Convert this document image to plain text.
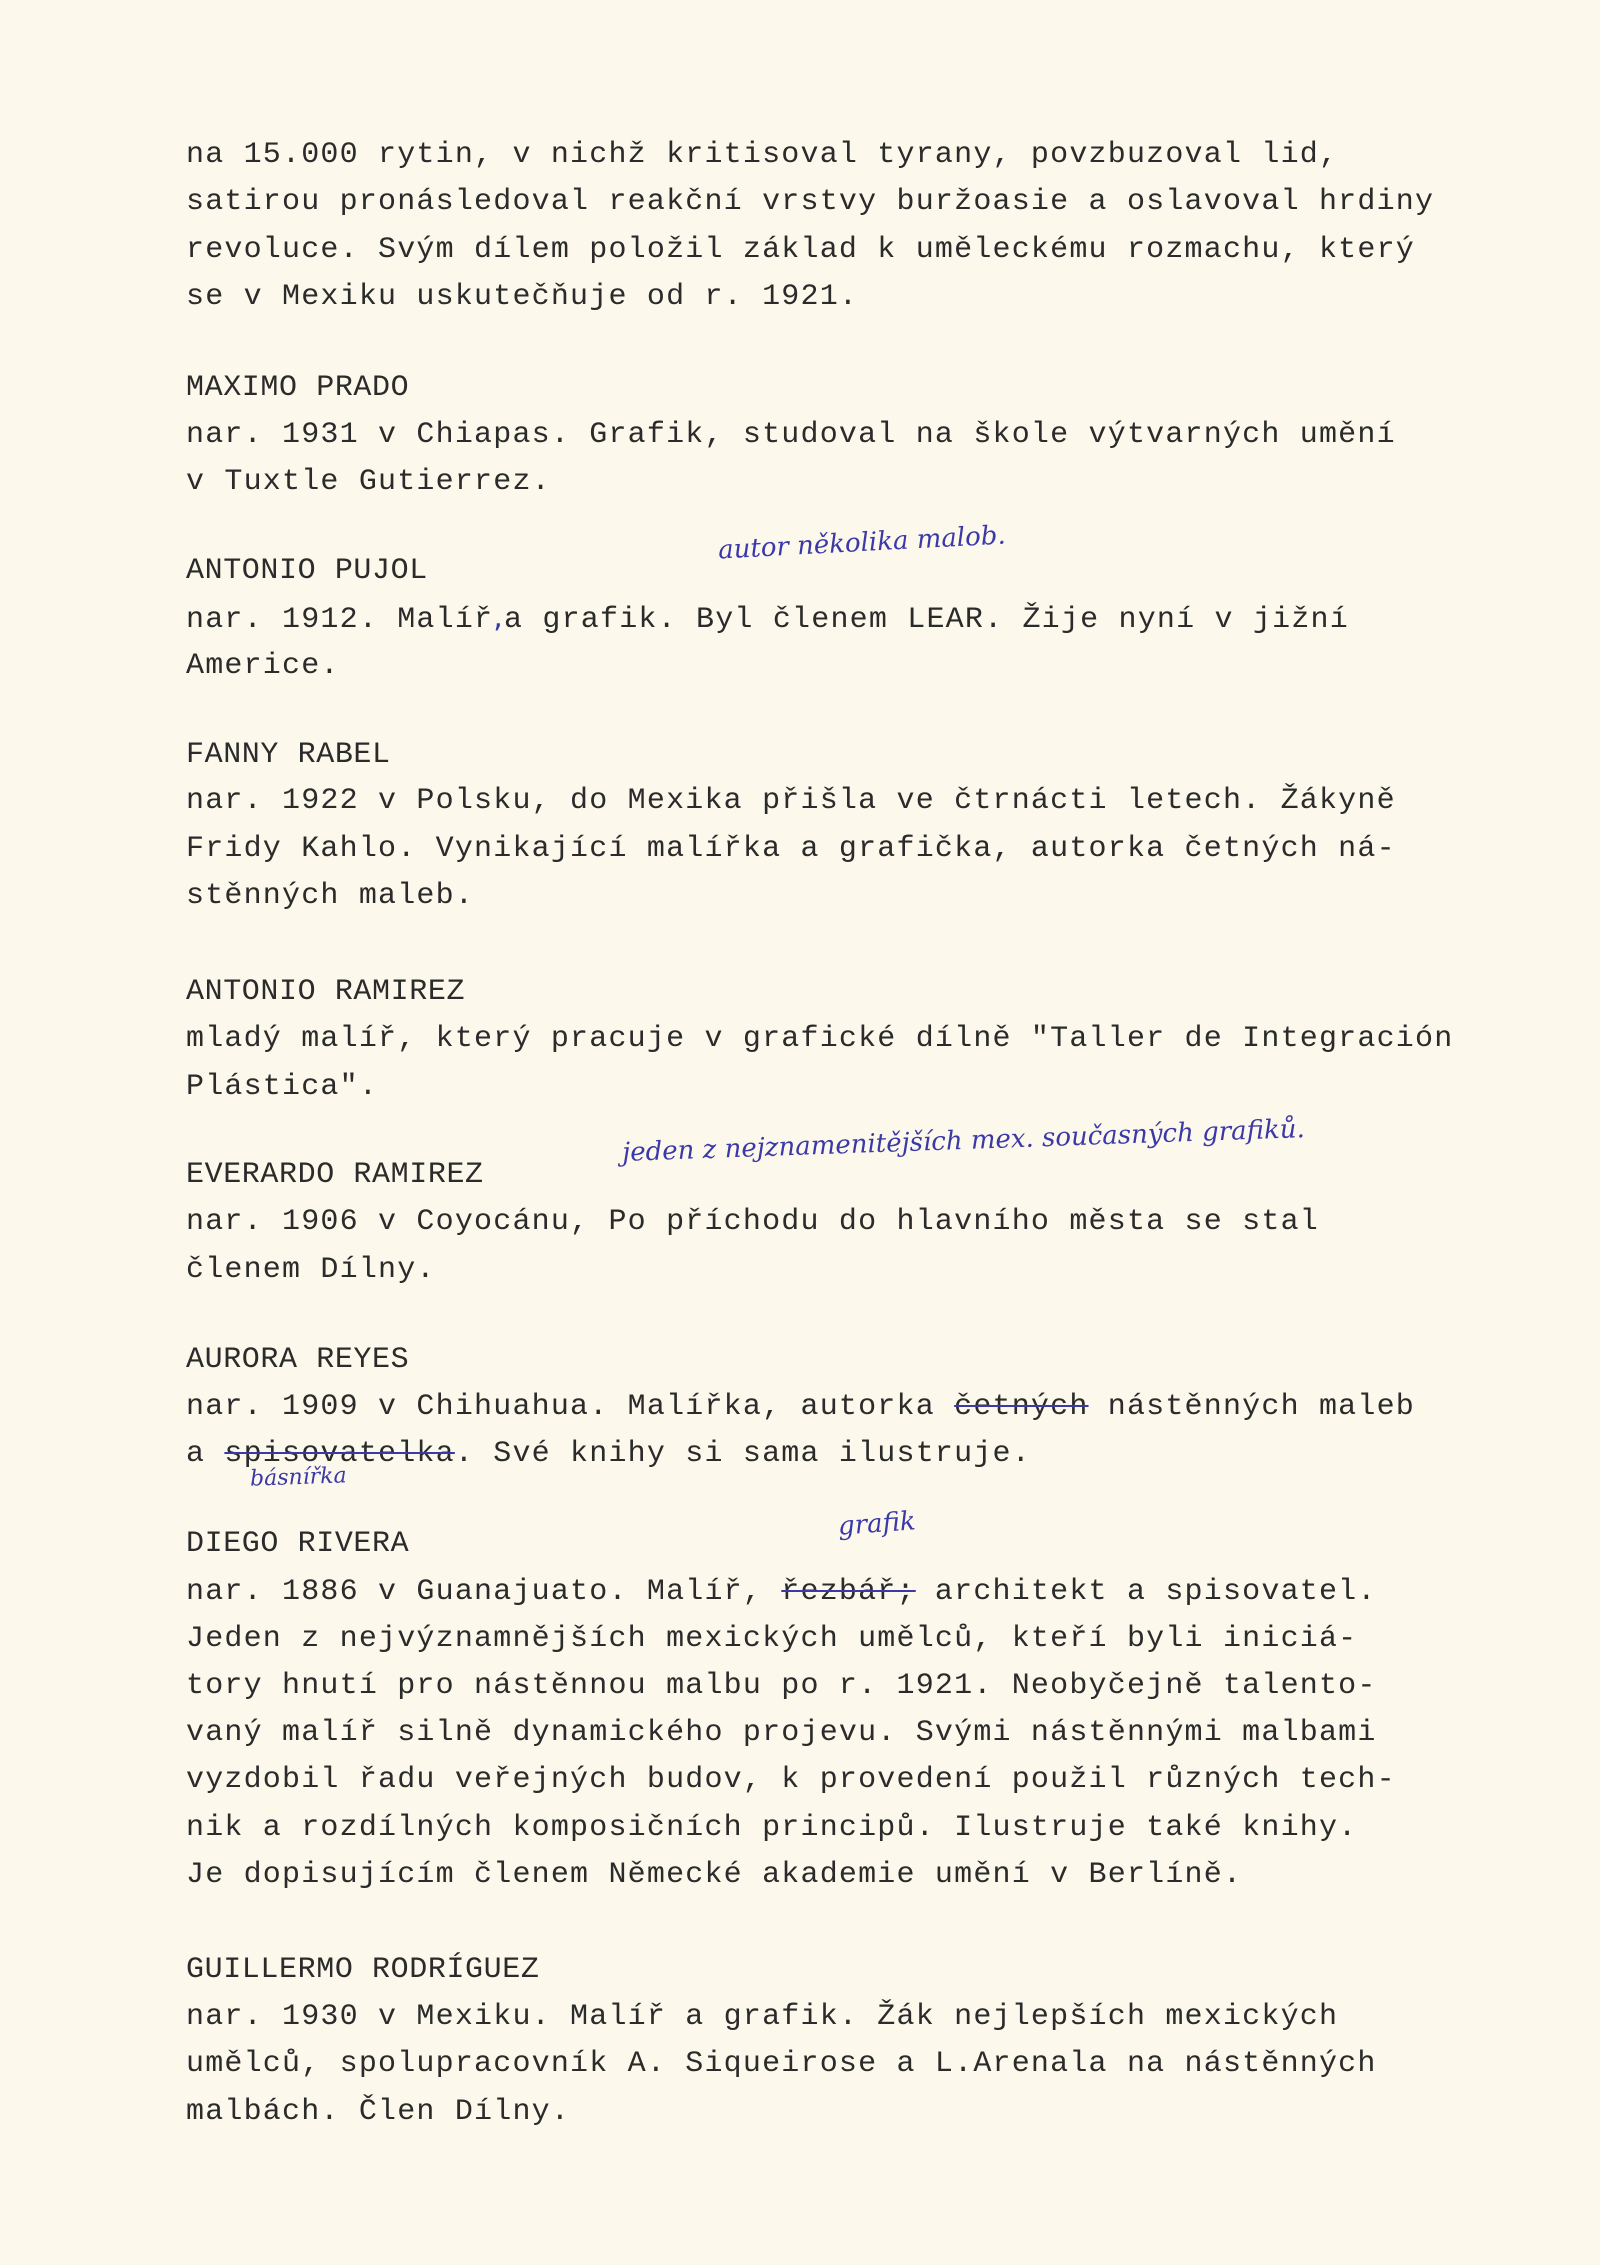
na 15.000 rytin, v nichž kritisoval tyrany, povzbuzoval lid,
satirou pronásledoval reakční vrstvy buržoasie a oslavoval hrdiny
revoluce. Svým dílem položil základ k uměleckému rozmachu, který
se v Mexiku uskutečňuje od r. 1921.
MAXIMO PRADO
nar. 1931 v Chiapas. Grafik, studoval na škole výtvarných umění
v Tuxtle Gutierrez.
autor několika malob.
ANTONIO PUJOL
nar. 1912. Malíř,a grafik. Byl členem LEAR. Žije nyní v jižní
Americe.
FANNY RABEL
nar. 1922 v Polsku, do Mexika přišla ve čtrnácti letech. Žákyně
Fridy Kahlo. Vynikající malířka a grafička, autorka četných ná-
stěnných maleb.
ANTONIO RAMIREZ
mladý malíř, který pracuje v grafické dílně "Taller de Integración
Plástica".
jeden z nejznamenitějších mex. současných grafiků.
EVERARDO RAMIREZ
nar. 1906 v Coyocánu, Po příchodu do hlavního města se stal
členem Dílny.
AURORA REYES
nar. 1909 v Chihuahua. Malířka, autorka četných nástěnných maleb
a spisovatelka. Své knihy si sama ilustruje.
básnířka
grafik
DIEGO RIVERA
nar. 1886 v Guanajuato. Malíř, řezbář; architekt a spisovatel.
Jeden z nejvýznamnějších mexických umělců, kteří byli iniciá-
tory hnutí pro nástěnnou malbu po r. 1921. Neobyčejně talento-
vaný malíř silně dynamického projevu. Svými nástěnnými malbami
vyzdobil řadu veřejných budov, k provedení použil různých tech-
nik a rozdílných komposičních principů. Ilustruje také knihy.
Je dopisujícím členem Německé akademie umění v Berlíně.
GUILLERMO RODRÍGUEZ
nar. 1930 v Mexiku. Malíř a grafik. Žák nejlepších mexických
umělců, spolupracovník A. Siqueirose a L.Arenala na nástěnných
malbách. Člen Dílny.
